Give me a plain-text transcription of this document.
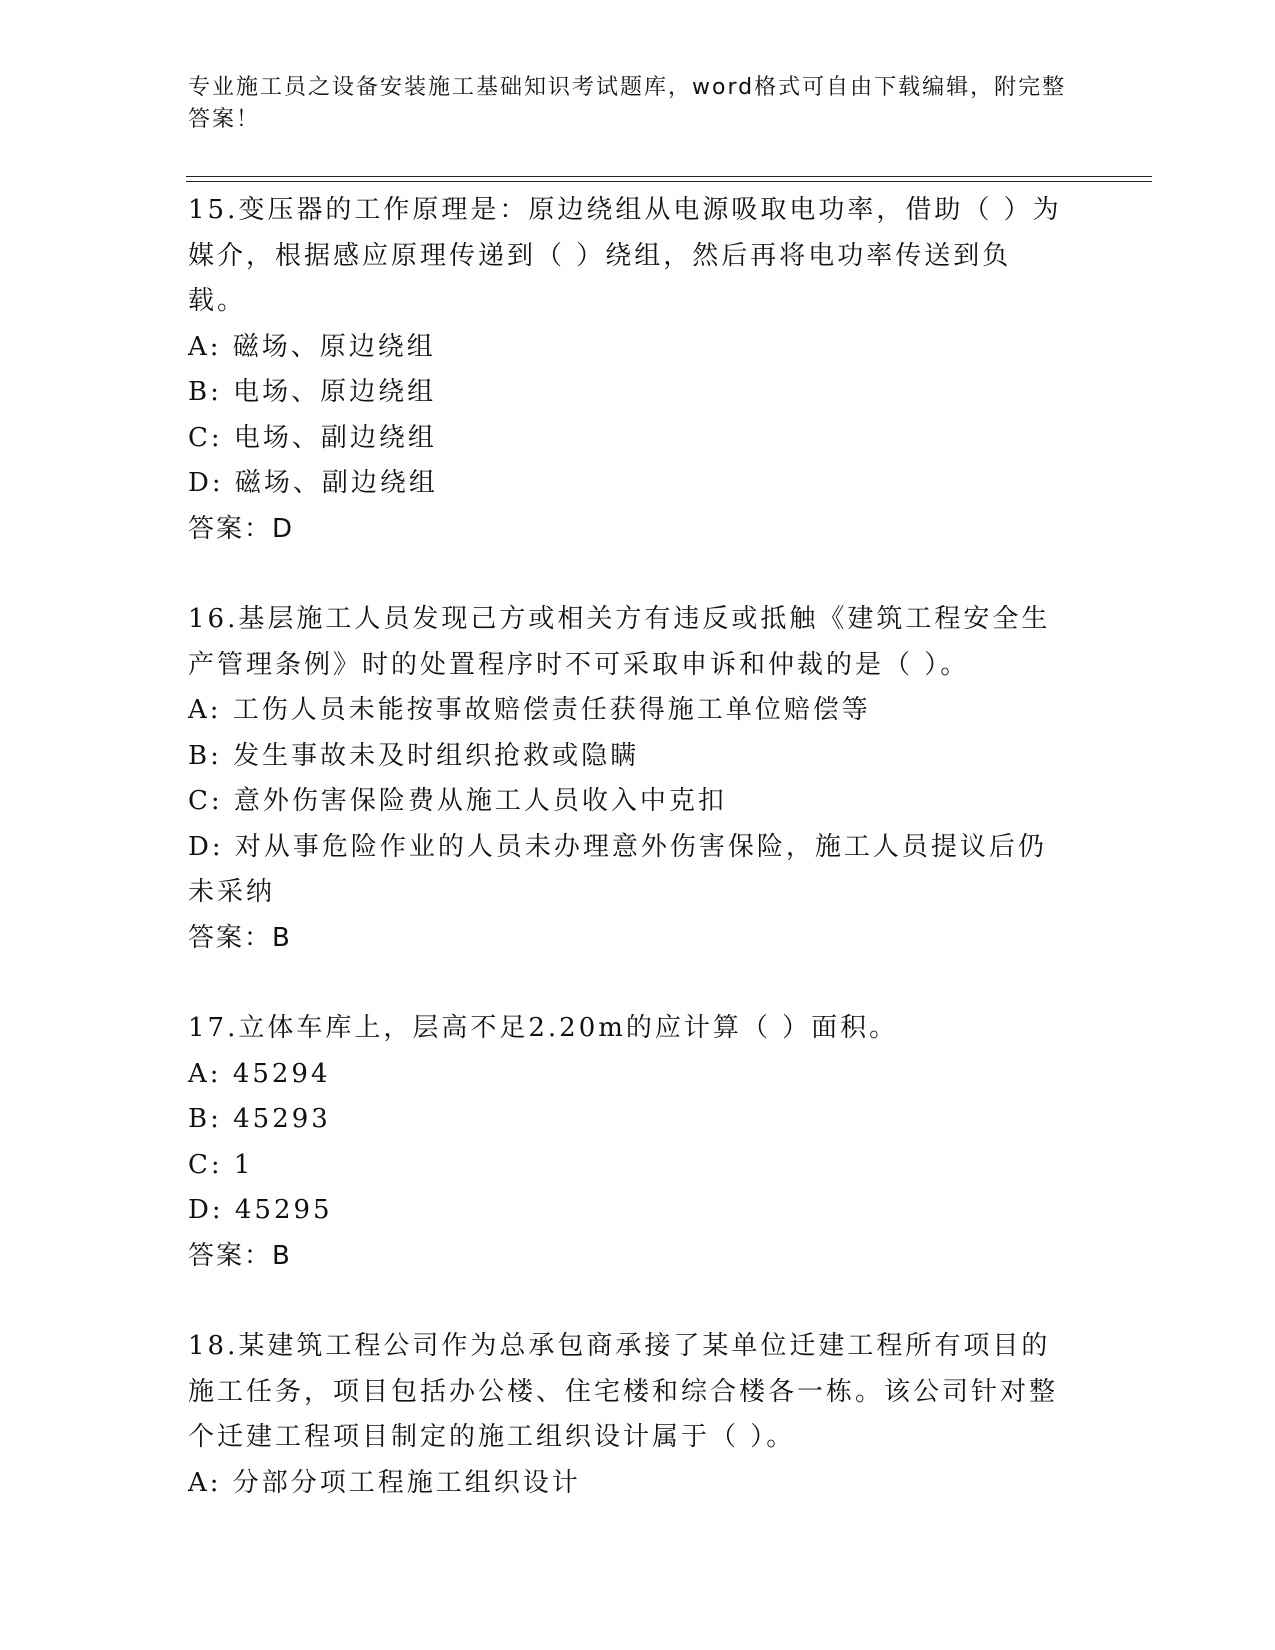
专业施工员之设备安装施工基础知识考试题库，word格式可自由下载编辑，附完整答案！

15.变压器的工作原理是：原边绕组从电源吸取电功率，借助（ ）为媒介，根据感应原理传递到（ ）绕组，然后再将电功率传送到负载。

A: 磁场、原边绕组

B: 电场、原边绕组

C: 电场、副边绕组

D: 磁场、副边绕组

答案：D

16.基层施工人员发现己方或相关方有违反或抵触《建筑工程安全生产管理条例》时的处置程序时不可采取申诉和仲裁的是（ ）。

A: 工伤人员未能按事故赔偿责任获得施工单位赔偿等

B: 发生事故未及时组织抢救或隐瞒

C: 意外伤害保险费从施工人员收入中克扣

D: 对从事危险作业的人员未办理意外伤害保险，施工人员提议后仍未采纳

答案：B

17.立体车库上，层高不足2.20m的应计算（ ）面积。

A: 45294

B: 45293

C: 1

D: 45295

答案：B

18.某建筑工程公司作为总承包商承接了某单位迁建工程所有项目的施工任务，项目包括办公楼、住宅楼和综合楼各一栋。该公司针对整个迁建工程项目制定的施工组织设计属于（ ）。

A: 分部分项工程施工组织设计
